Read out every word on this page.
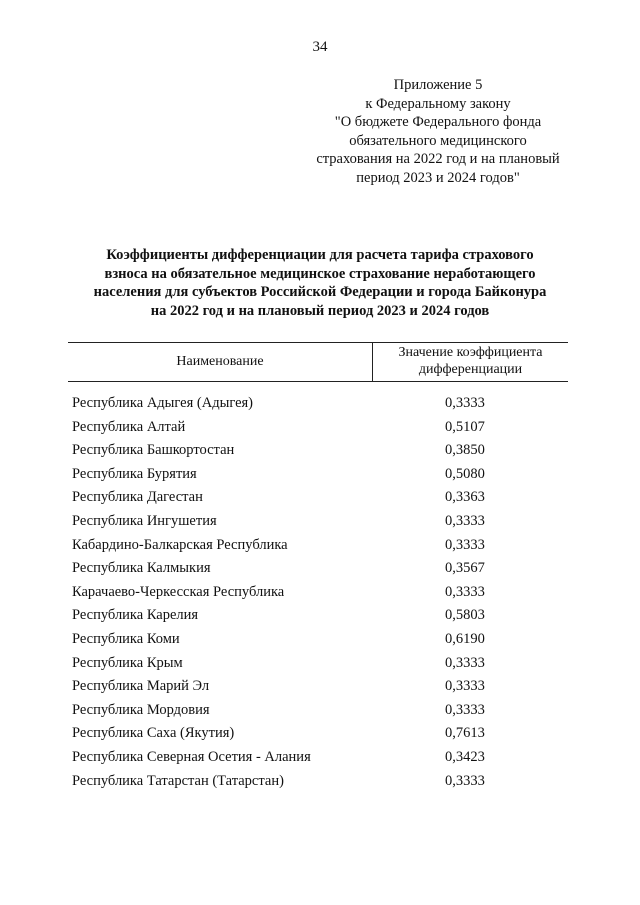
34
Приложение 5
к Федеральному закону
"О бюджете Федерального фонда
обязательного медицинского
страхования на 2022 год и на плановый
период 2023 и 2024 годов"
Коэффициенты дифференциации для расчета тарифа страхового
взноса на обязательное медицинское страхование неработающего
населения для субъектов Российской Федерации и города Байконура
на 2022 год и на плановый период 2023 и 2024 годов
Наименование
Значение коэффициента
дифференциации
Республика Адыгея (Адыгея)	0,3333
Республика Алтай	0,5107
Республика Башкортостан	0,3850
Республика Бурятия	0,5080
Республика Дагестан	0,3363
Республика Ингушетия	0,3333
Кабардино-Балкарская Республика	0,3333
Республика Калмыкия	0,3567
Карачаево-Черкесская Республика	0,3333
Республика Карелия	0,5803
Республика Коми	0,6190
Республика Крым	0,3333
Республика Марий Эл	0,3333
Республика Мордовия	0,3333
Республика Саха (Якутия)	0,7613
Республика Северная Осетия - Алания	0,3423
Республика Татарстан (Татарстан)	0,3333
